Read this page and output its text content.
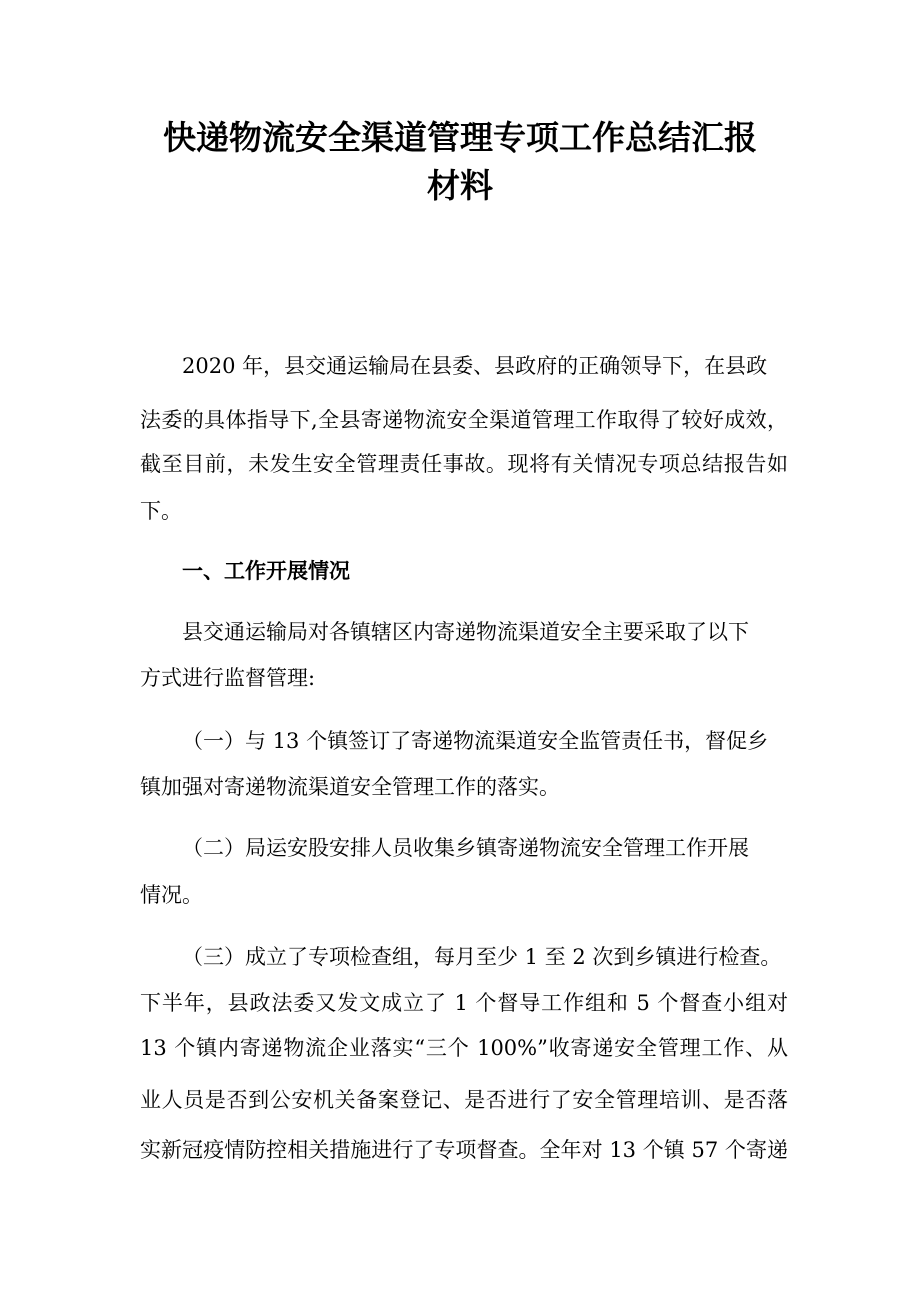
快递物流安全渠道管理专项工作总结汇报
材料

2020 年，县交通运输局在县委、县政府的正确领导下，在县政

法委的具体指导下,全县寄递物流安全渠道管理工作取得了较好成效，

截至目前，未发生安全管理责任事故。现将有关情况专项总结报告如

下。

一、工作开展情况

县交通运输局对各镇辖区内寄递物流渠道安全主要采取了以下

方式进行监督管理:

（一）与 13 个镇签订了寄递物流渠道安全监管责任书，督促乡

镇加强对寄递物流渠道安全管理工作的落实。

（二）局运安股安排人员收集乡镇寄递物流安全管理工作开展

情况。

（三）成立了专项检查组，每月至少 1 至 2 次到乡镇进行检查。

下半年，县政法委又发文成立了 1 个督导工作组和 5 个督查小组对

13 个镇内寄递物流企业落实“三个 100%”收寄递安全管理工作、从

业人员是否到公安机关备案登记、是否进行了安全管理培训、是否落

实新冠疫情防控相关措施进行了专项督查。全年对 13 个镇 57 个寄递
